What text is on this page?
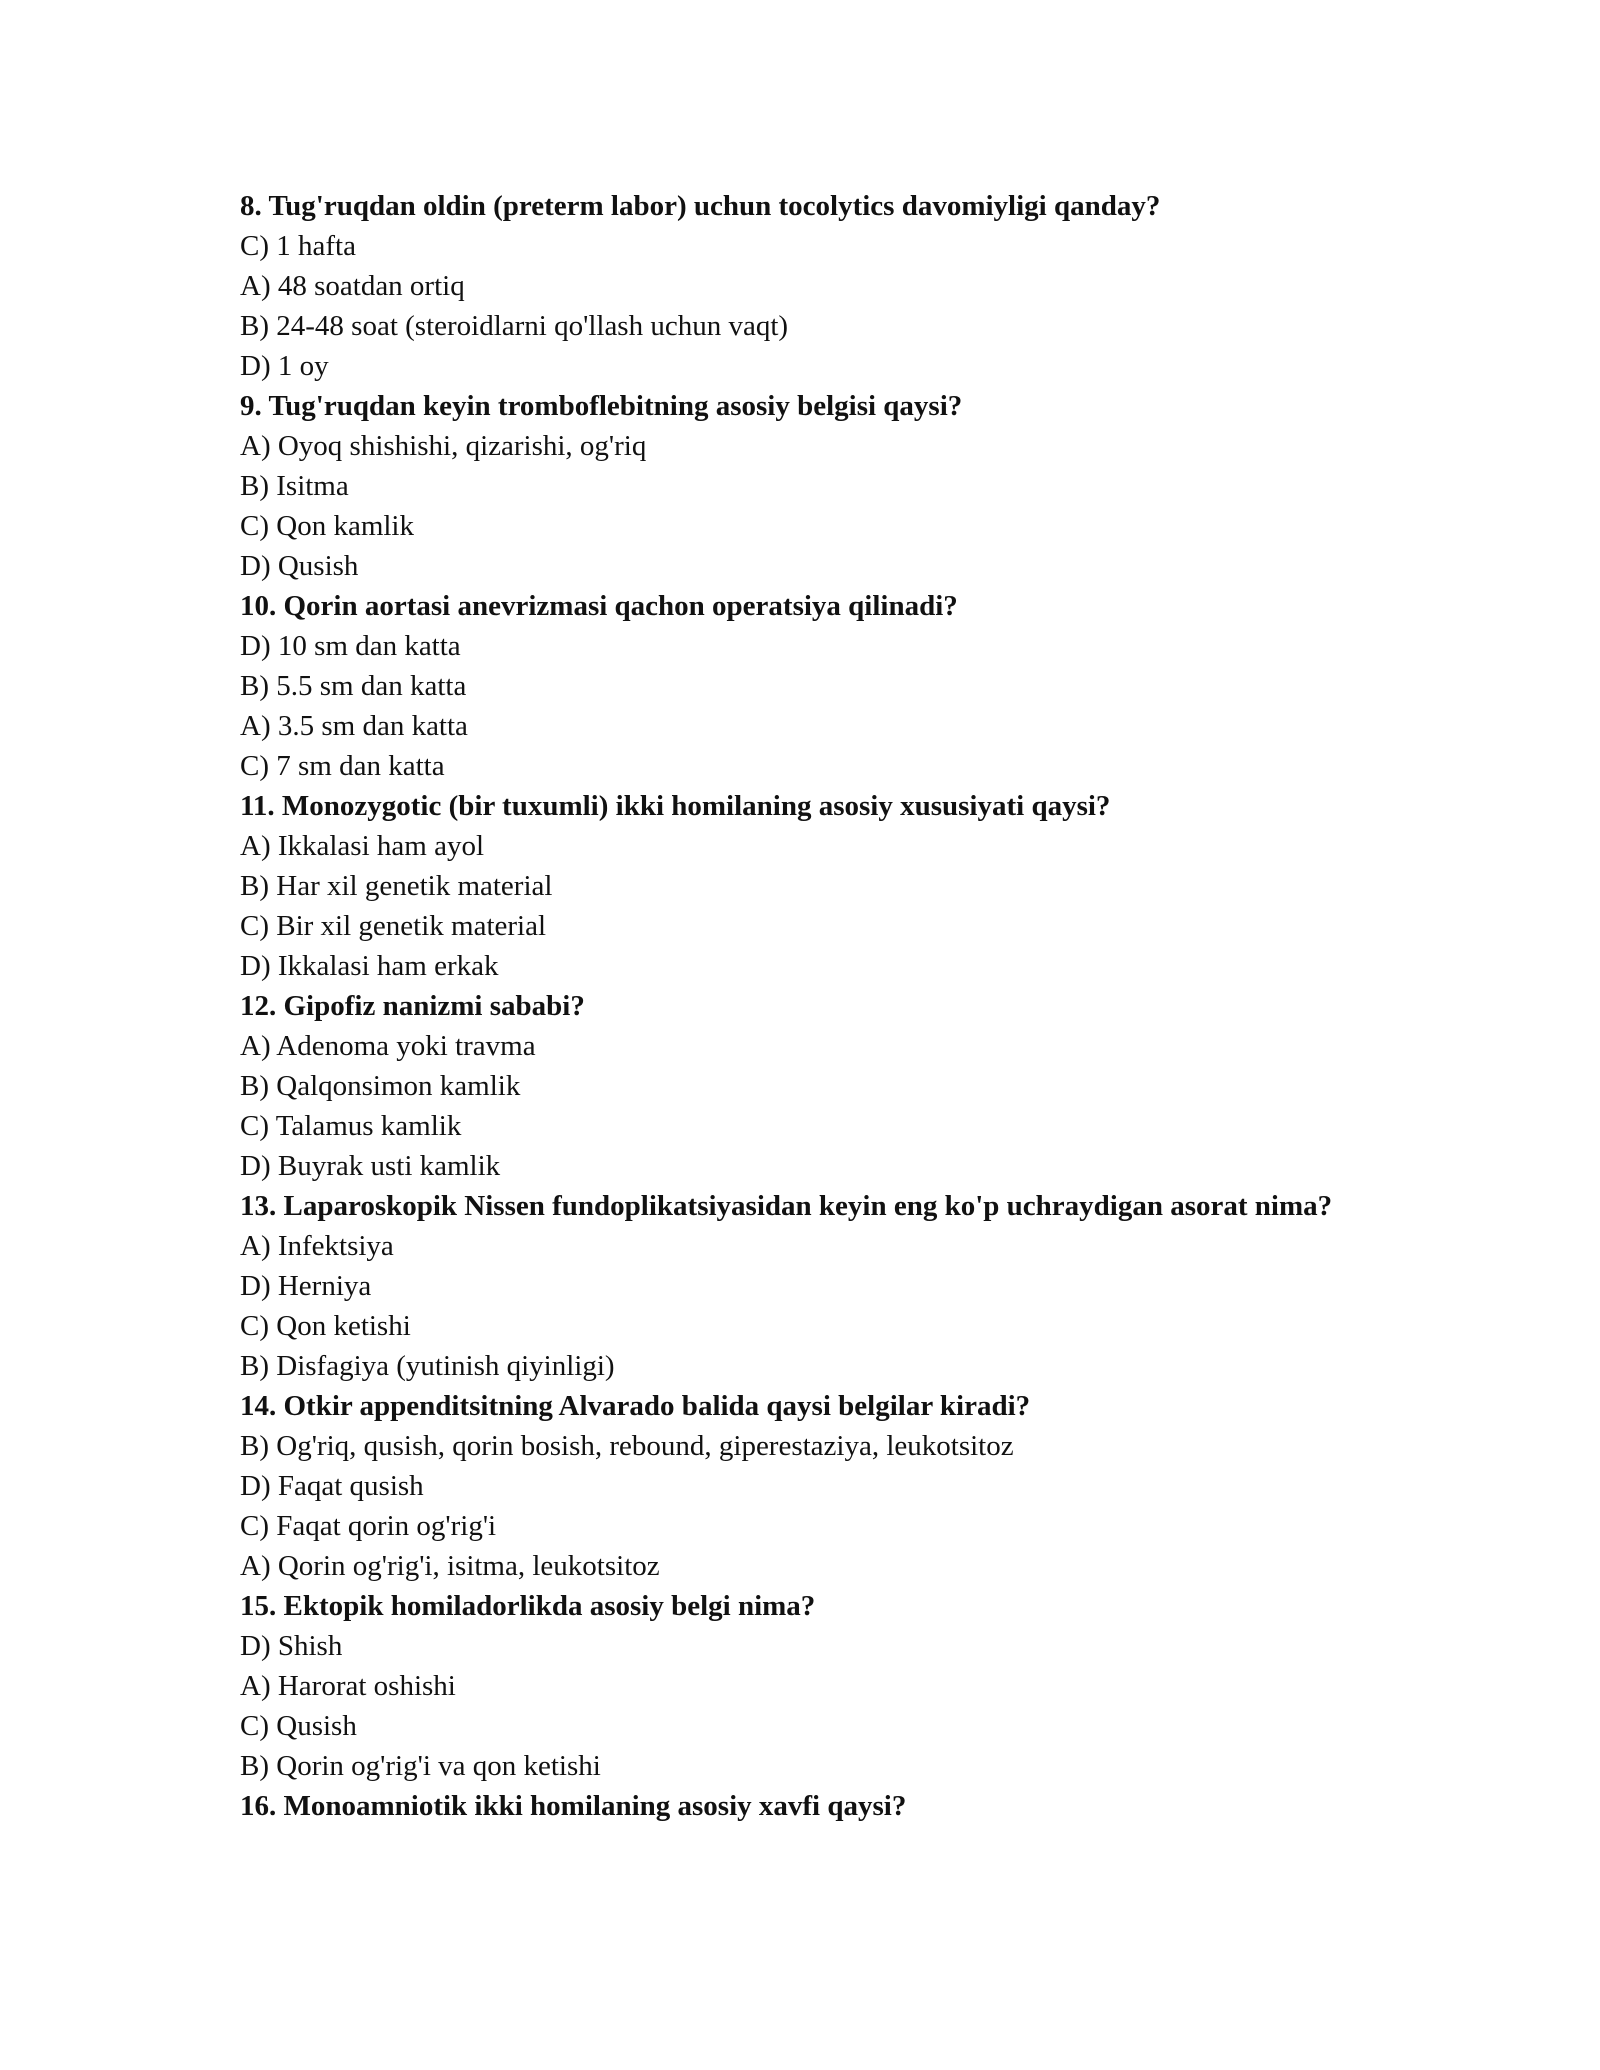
8. Tug'ruqdan oldin (preterm labor) uchun tocolytics davomiyligi qanday?

C) 1 hafta

A) 48 soatdan ortiq

B) 24-48 soat (steroidlarni qo'llash uchun vaqt)

D) 1 oy

9. Tug'ruqdan keyin tromboflebitning asosiy belgisi qaysi?

A) Oyoq shishishi, qizarishi, og'riq

B) Isitma

C) Qon kamlik

D) Qusish

10. Qorin aortasi anevrizmasi qachon operatsiya qilinadi?

D) 10 sm dan katta

B) 5.5 sm dan katta

A) 3.5 sm dan katta

C) 7 sm dan katta

11. Monozygotic (bir tuxumli) ikki homilaning asosiy xususiyati qaysi?

A) Ikkalasi ham ayol

B) Har xil genetik material

C) Bir xil genetik material

D) Ikkalasi ham erkak

12. Gipofiz nanizmi sababi?

A) Adenoma yoki travma

B) Qalqonsimon kamlik

C) Talamus kamlik

D) Buyrak usti kamlik

13. Laparoskopik Nissen fundoplikatsiyasidan keyin eng ko'p uchraydigan asorat nima?

A) Infektsiya

D) Herniya

C) Qon ketishi

B) Disfagiya (yutinish qiyinligi)

14. Otkir appenditsitning Alvarado balida qaysi belgilar kiradi?

B) Og'riq, qusish, qorin bosish, rebound, giperestaziya, leukotsitoz

D) Faqat qusish

C) Faqat qorin og'rig'i

A) Qorin og'rig'i, isitma, leukotsitoz

15. Ektopik homiladorlikda asosiy belgi nima?

D) Shish

A) Harorat oshishi

C) Qusish

B) Qorin og'rig'i va qon ketishi

16. Monoamniotik ikki homilaning asosiy xavfi qaysi?
